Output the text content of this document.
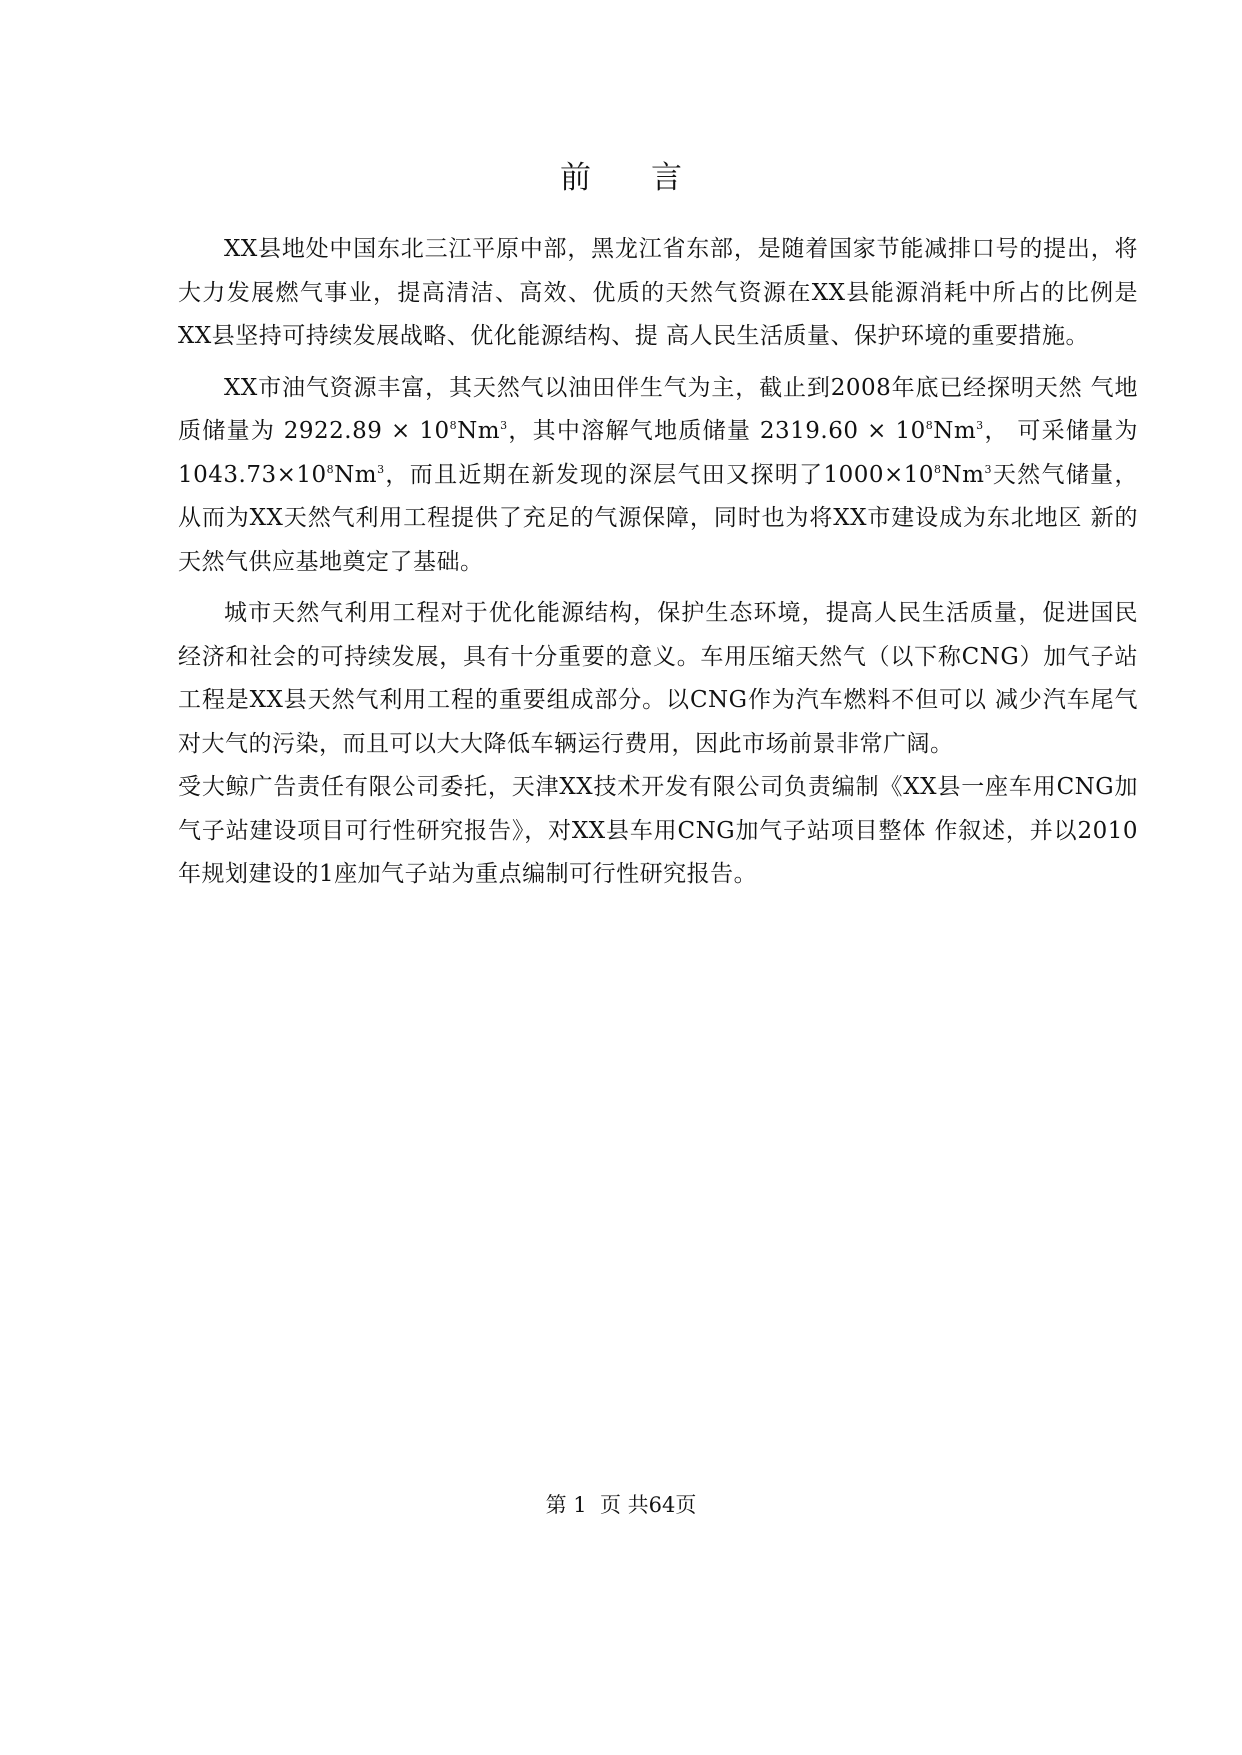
前言

XX县地处中国东北三江平原中部，黑龙江省东部，是随着国家节能减排口号的提出，将大力发展燃气事业，提高清洁、高效、优质的天然气资源在XX县能源消耗中所占的比例是XX县坚持可持续发展战略、优化能源结构、提 高人民生活质量、保护环境的重要措施。

XX市油气资源丰富，其天然气以油田伴生气为主，截止到2008年底已经探明天然 气地质储量为 $2922.89 \times 10^8Nm^3$，其中溶解气地质储量 $2319.60 \times 10^8Nm^3$， 可采储量为$1043.73\times 10^8Nm^3$，而且近期在新发现的深层气田又探明了$1000\times 10^8Nm^3$天然气储量，从而为XX天然气利用工程提供了充足的气源保障，同时也为将XX市建设成为东北地区 新的天然气供应基地奠定了基础。

城市天然气利用工程对于优化能源结构，保护生态环境，提高人民生活质量，促进国民经济和社会的可持续发展，具有十分重要的意义。车用压缩天然气（以下称CNG）加气子站工程是XX县天然气利用工程的重要组成部分。以CNG作为汽车燃料不但可以 减少汽车尾气对大气的污染，而且可以大大降低车辆运行费用，因此市场前景非常广阔。

受大鲸广告责任有限公司委托，天津XX技术开发有限公司负责编制《XX县一座车用CNG加气子站建设项目可行性研究报告》，对XX县车用CNG加气子站项目整体 作叙述，并以2010年规划建设的1座加气子站为重点编制可行性研究报告。

第 1  页 共64页
